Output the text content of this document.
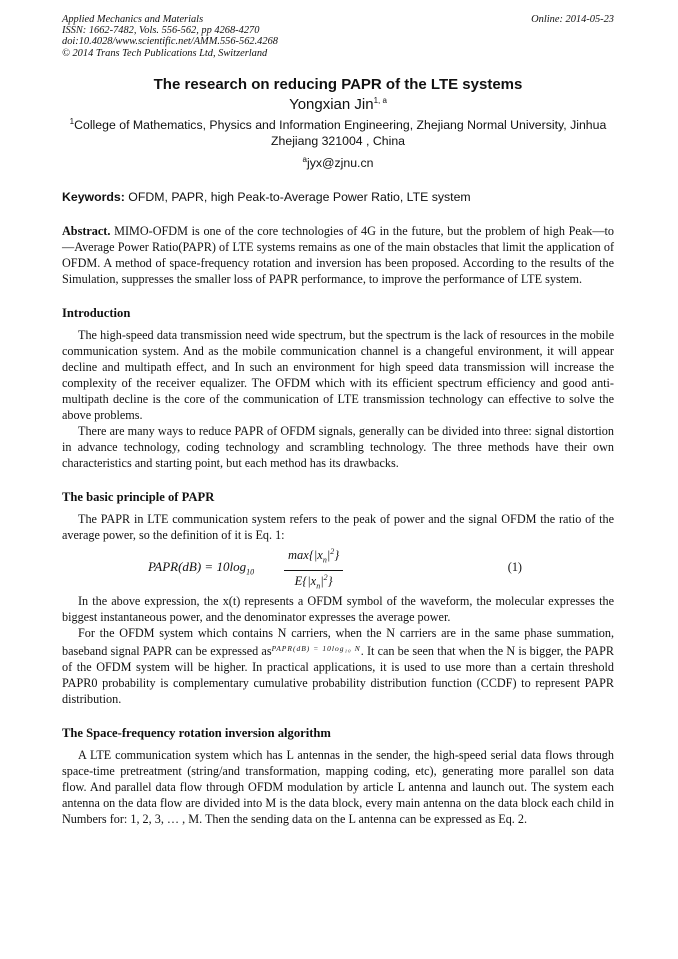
Applied Mechanics and Materials
ISSN: 1662-7482, Vols. 556-562, pp 4268-4270
doi:10.4028/www.scientific.net/AMM.556-562.4268
© 2014 Trans Tech Publications Ltd, Switzerland
Online: 2014-05-23
The research on reducing PAPR of the LTE systems
Yongxian Jin$^{1, a}$
$^1$College of Mathematics, Physics and Information Engineering, Zhejiang Normal University, Jinhua
Zhejiang 321004 , China
$^a$jyx@zjnu.cn
Keywords: OFDM, PAPR, high Peak-to-Average Power Ratio, LTE system

Abstract. MIMO-OFDM is one of the core technologies of 4G in the future, but the problem of high Peak—to—Average Power Ratio(PAPR) of LTE systems remains as one of the main obstacles that limit the application of OFDM. A method of space-frequency rotation and inversion has been proposed. According to the results of the Simulation, suppresses the smaller loss of PAPR performance, to improve the performance of LTE system.

Introduction

The high-speed data transmission need wide spectrum, but the spectrum is the lack of resources in the mobile communication system. And as the mobile communication channel is a changeful environment, it will appear decline and multipath effect, and In such an environment for high speed data transmission will increase the complexity of the receiver equalizer. The OFDM which with its efficient spectrum efficiency and good anti-multipath decline is the core of the communication of LTE transmission technology can effective to solve the above problems.

There are many ways to reduce PAPR of OFDM signals, generally can be divided into three: signal distortion in advance technology, coding technology and scrambling technology. The three methods have their own characteristics and starting point, but each method has its drawbacks.

The basic principle of PAPR

The PAPR in LTE communication system refers to the peak of power and the signal OFDM the ratio of the average power, so the definition of it is Eq. 1:

PAPR(dB) = $10\log_{10}$
$\max\{|x_n|^2\}$
$E\{|x_n|^2\}$
(1)

In the above expression, the x(t) represents a OFDM symbol of the waveform, the molecular expresses the biggest instantaneous power, and the denominator expresses the average power.

For the OFDM system which contains N carriers, when the N carriers are in the same phase summation, baseband signal PAPR can be expressed $as^{PAPR(dB) = 10log_{10} N}$. It can be seen that when the N is bigger, the PAPR of the OFDM system will be higher. In practical applications, it is used to use more than a certain threshold PAPR0 probability is complementary cumulative probability distribution function (CCDF) to represent PAPR distribution.

The Space-frequency rotation inversion algorithm

A LTE communication system which has L antennas in the sender, the high-speed serial data flows through space-time pretreatment (string/and transformation, mapping coding, etc), generating more parallel son data flow. And parallel data flow through OFDM modulation by article L antenna and launch out. The system each antenna on the data flow are divided into M is the data block, every main antenna on the data block each child in Numbers for: 1, 2, 3, … , M. Then the sending data on the L antenna can be expressed as Eq. 2.
